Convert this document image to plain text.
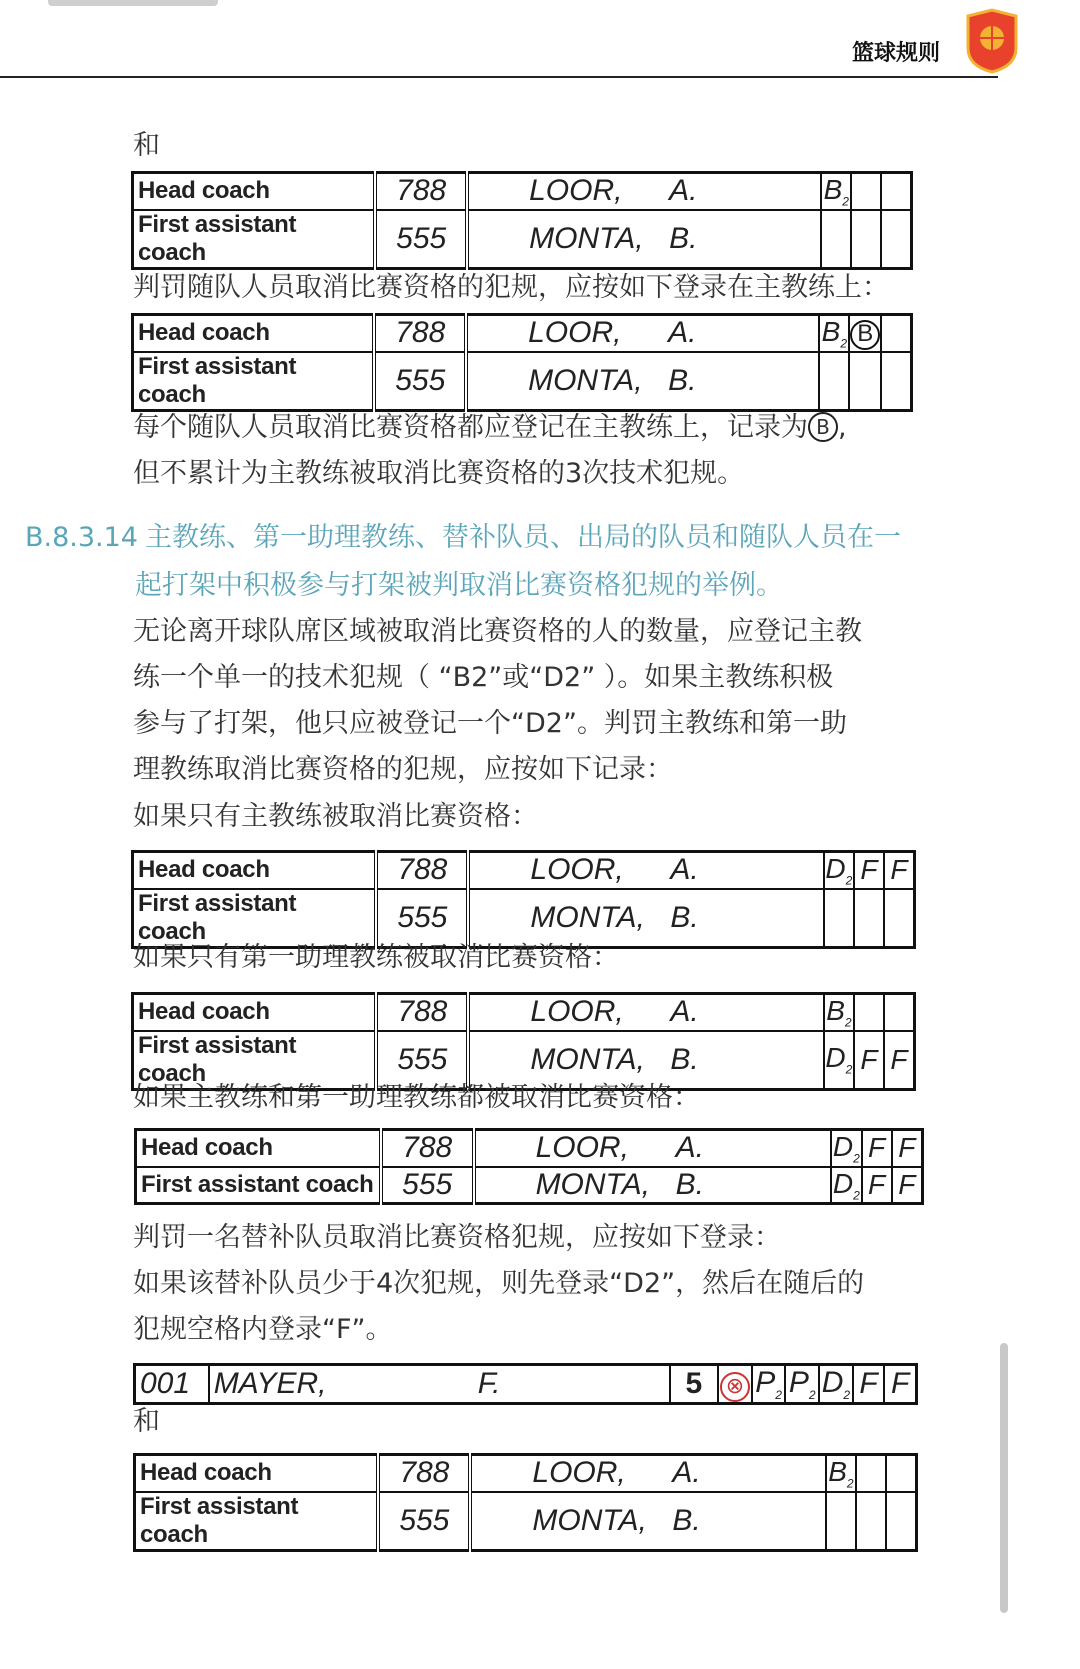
篮球规则

和

Head coach	788	LOOR, A.	$B_2$		
First assistant coach	555	MONTA, B.			

判罚随队人员取消比赛资格的犯规，应按如下登录在主教练上：

Head coach	788	LOOR, A.	$B_2$	B	
First assistant coach	555	MONTA, B.			

每个随队人员取消比赛资格都应登记在主教练上，记录为 B ,

但不累计为主教练被取消比赛资格的3次技术犯规。

B.8.3.14 主教练、第一助理教练、替补队员、出局的队员和随队人员在一
起打架中积极参与打架被判取消比赛资格犯规的举例。

无论离开球队席区域被取消比赛资格的人的数量，应登记主教

练一个单一的技术犯规（ “B2”或“D2” ）。如果主教练积极

参与了打架，他只应被登记一个“D2”。判罚主教练和第一助

理教练取消比赛资格的犯规，应按如下记录：

如果只有主教练被取消比赛资格：

Head coach	788	LOOR, A.	$D_2$	F	F
First assistant coach	555	MONTA, B.			

如果只有第一助理教练被取消比赛资格：

Head coach	788	LOOR, A.	$B_2$		
First assistant coach	555	MONTA, B.	$D_2$	F	F

如果主教练和第一助理教练都被取消比赛资格：

Head coach	788	LOOR, A.	$D_2$	F	F
First assistant coach	555	MONTA, B.	$D_2$	F	F

判罚一名替补队员取消比赛资格犯规，应按如下登录：

如果该替补队员少于4次犯规，则先登录“D2”，然后在随后的

犯规空格内登录“F”。

001	MAYER,	F.	5	⊗	$P_2$	$P_2$	$D_2$	F	F

和

Head coach	788	LOOR, A.	$B_2$		
First assistant coach	555	MONTA, B.			
